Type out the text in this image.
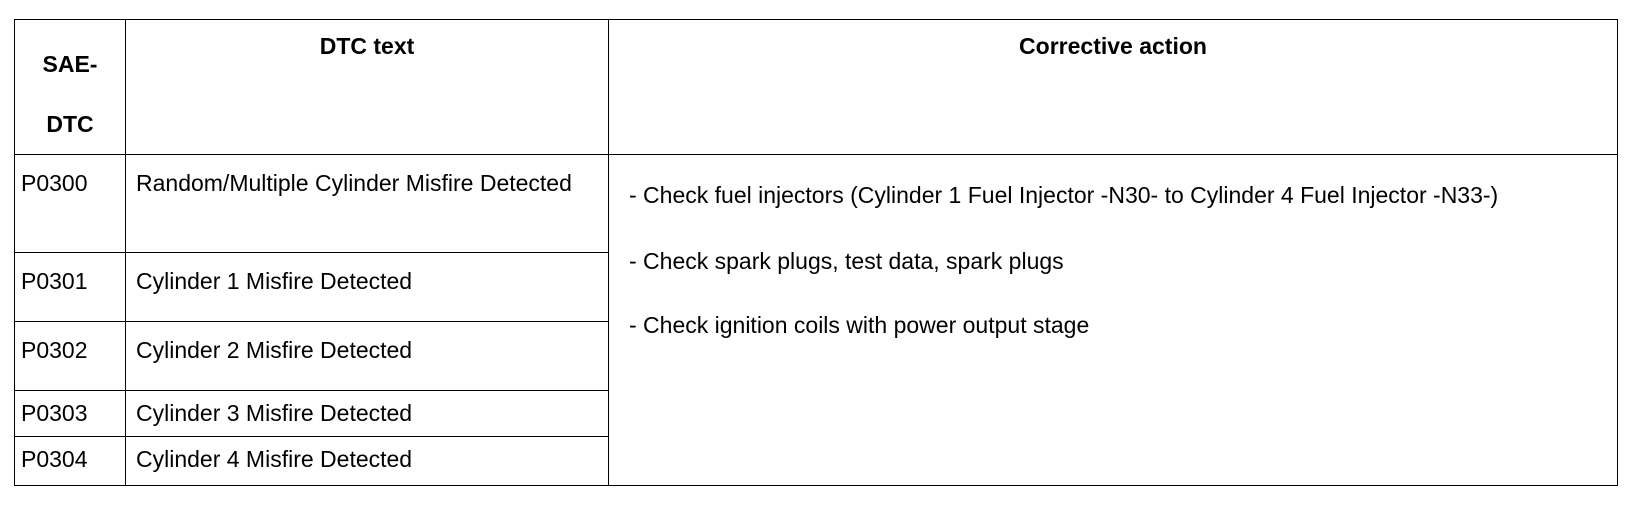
SAE-
DTC	DTC text	Corrective action

P0300	Random/Multiple Cylinder Misfire Detected	- Check fuel injectors (Cylinder 1 Fuel Injector -N30- to Cylinder 4 Fuel Injector -N33-)
- Check spark plugs, test data, spark plugs
- Check ignition coils with power output stage

P0301	Cylinder 1 Misfire Detected	
P0302	Cylinder 2 Misfire Detected	
P0303	Cylinder 3 Misfire Detected	
P0304	Cylinder 4 Misfire Detected	
